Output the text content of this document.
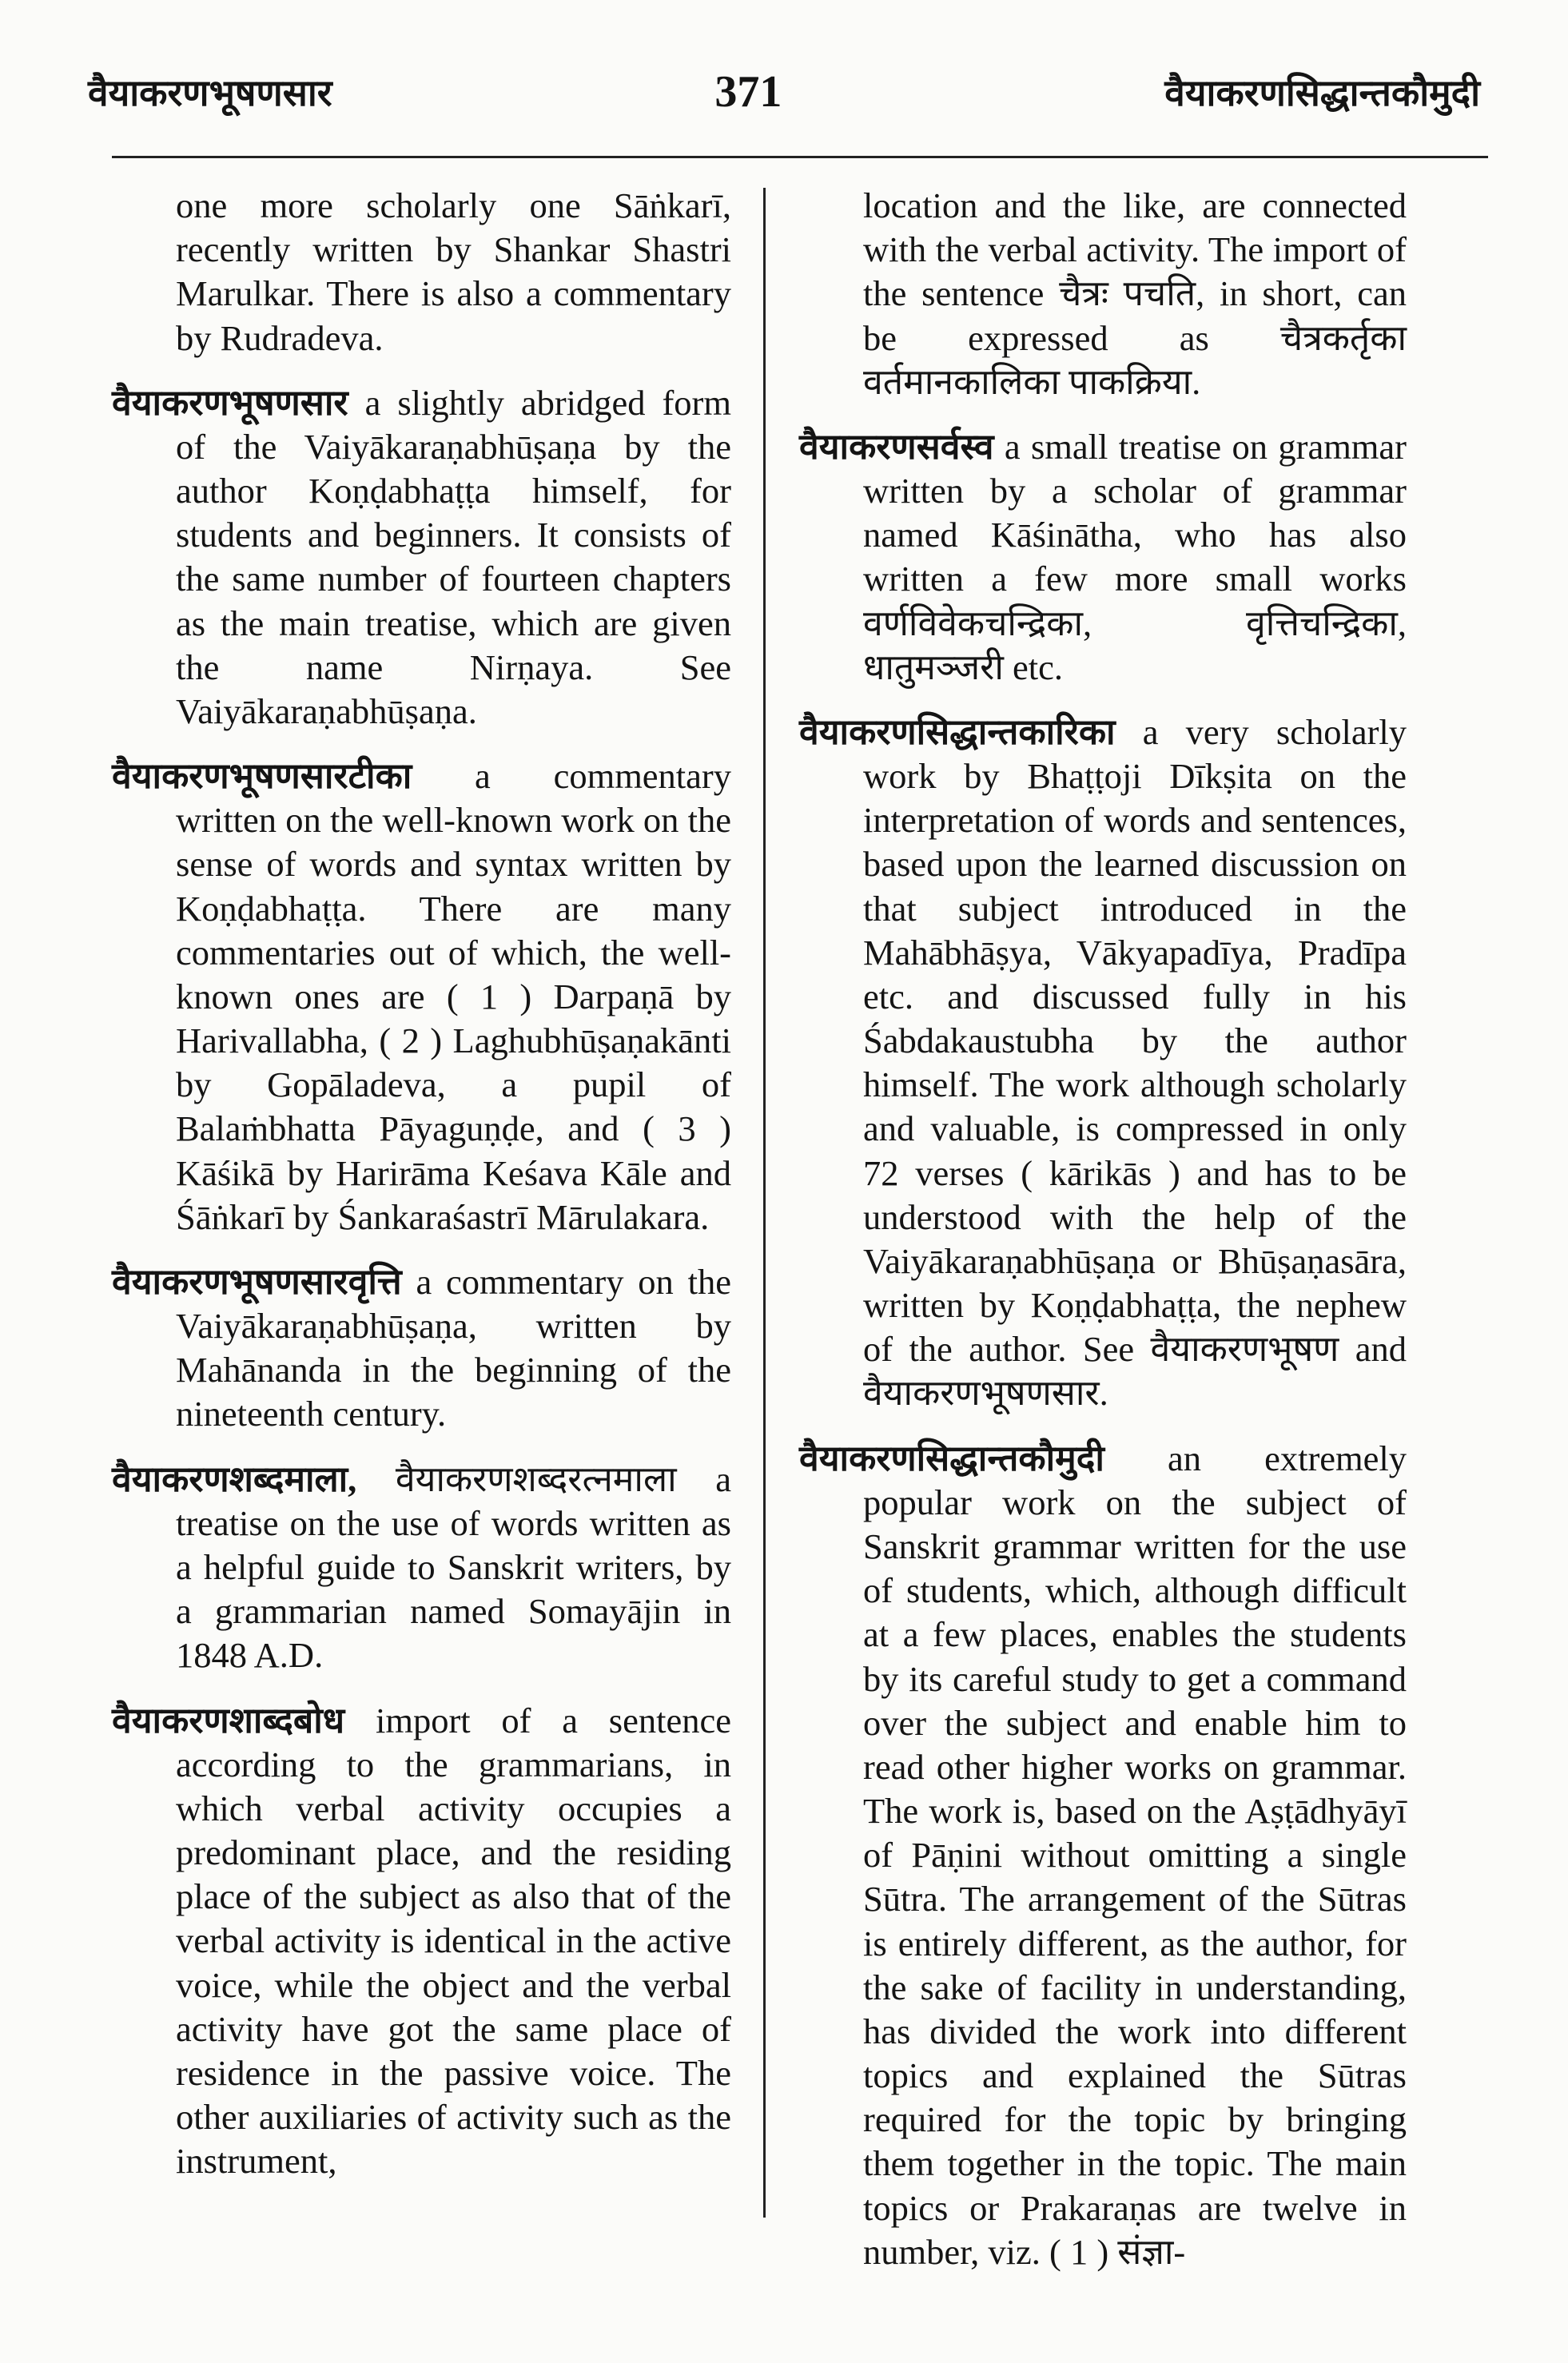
वैयाकरणभूषणसार	371	वैयाकरणसिद्धान्तकौमुदी

one more scholarly one Sāṅkarī, recently written by Shankar Shastri Marulkar. There is also a commentary by Rudradeva.

वैयाकरणभूषणसार a slightly abridged form of the Vaiyākaraṇabhūṣaṇa by the author Koṇḍabhaṭṭa himself, for students and beginners. It consists of the same number of fourteen chapters as the main treatise, which are given the name Nirṇaya. See Vaiyākaraṇabhūṣaṇa.

वैयाकरणभूषणसारटीका a commentary written on the well-known work on the sense of words and syntax written by Koṇḍabhaṭṭa. There are many commentaries out of which, the well-known ones are ( 1 ) Darpaṇā by Harivallabha, ( 2 ) Laghubhūṣaṇakānti by Gopāladeva, a pupil of Balaṁbhatta Pāyaguṇḍe, and ( 3 ) Kāśikā by Harirāma Keśava Kāle and Śāṅkarī by Śankaraśastrī Mārulakara.

वैयाकरणभूषणसारवृत्ति a commentary on the Vaiyākaraṇabhūṣaṇa, written by Mahānanda in the beginning of the nineteenth century.

वैयाकरणशब्दमाला, वैयाकरणशब्दरत्नमाला a treatise on the use of words written as a helpful guide to Sanskrit writers, by a grammarian named Somayājin in 1848 A.D.

वैयाकरणशाब्दबोध import of a sentence according to the grammarians, in which verbal activity occupies a predominant place, and the residing place of the subject as also that of the verbal activity is identical in the active voice, while the object and the verbal activity have got the same place of residence in the passive voice. The other auxiliaries of activity such as the instrument,

location and the like, are connected with the verbal activity. The import of the sentence चैत्रः पचति, in short, can be expressed as चैत्रकर्तृका वर्तमानकालिका पाकक्रिया.

वैयाकरणसर्वस्व a small treatise on grammar written by a scholar of grammar named Kāśinātha, who has also written a few more small works वर्णविवेकचन्द्रिका, वृत्तिचन्द्रिका, धातुमञ्जरी etc.

वैयाकरणसिद्धान्तकारिका a very scholarly work by Bhaṭṭoji Dīkṣita on the interpretation of words and sentences, based upon the learned discussion on that subject introduced in the Mahābhāṣya, Vākyapadīya, Pradīpa etc. and discussed fully in his Śabdakaustubha by the author himself. The work although scholarly and valuable, is compressed in only 72 verses ( kārikās ) and has to be understood with the help of the Vaiyākaraṇabhūṣaṇa or Bhūṣaṇasāra, written by Koṇḍabhaṭṭa, the nephew of the author. See वैयाकरणभूषण and वैयाकरणभूषणसार.

वैयाकरणसिद्धान्तकौमुदी an extremely popular work on the subject of Sanskrit grammar written for the use of students, which, although difficult at a few places, enables the students by its careful study to get a command over the subject and enable him to read other higher works on grammar. The work is, based on the Aṣṭādhyāyī of Pāṇini without omitting a single Sūtra. The arrangement of the Sūtras is entirely different, as the author, for the sake of facility in understanding, has divided the work into different topics and explained the Sūtras required for the topic by bringing them together in the topic. The main topics or Prakaraṇas are twelve in number, viz. ( 1 ) संज्ञा-
